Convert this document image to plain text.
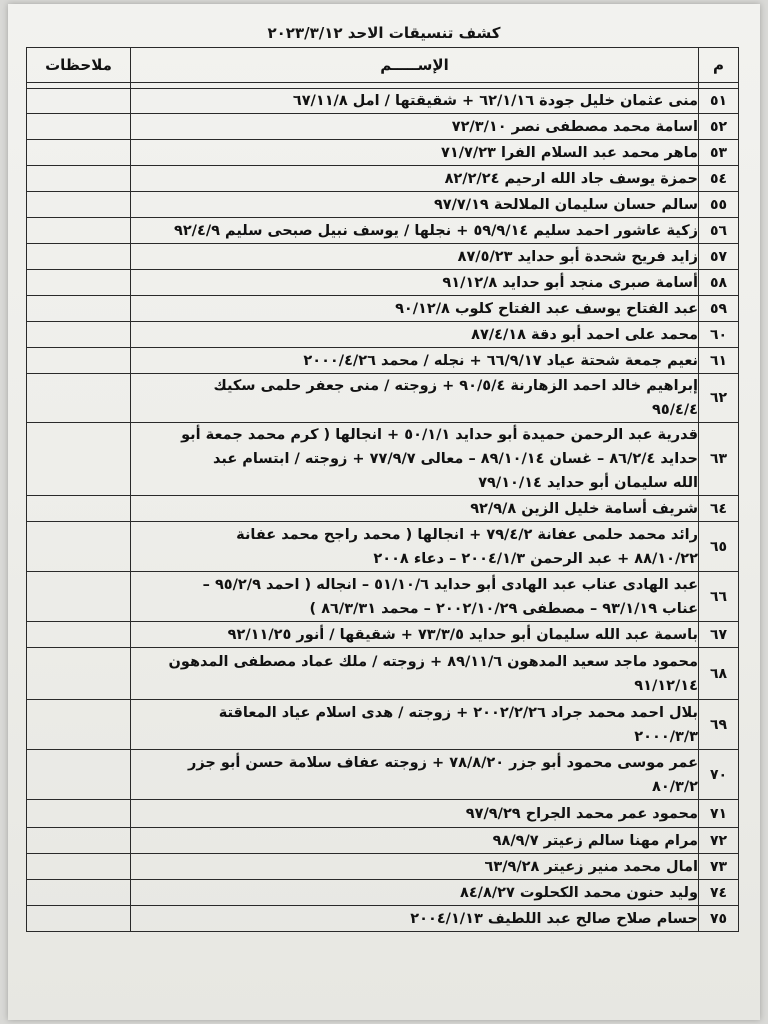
كشف تنسيقات الاحد ٢٠٢٣/٣/١٢
م	الإســـــم	ملاحظات

٥١	منى عثمان خليل جودة ٦٢/١/١٦ + شقيقتها / امل ٦٧/١١/٨	
٥٢	اسامة محمد مصطفى نصر ٧٢/٣/١٠	
٥٣	ماهر محمد عبد السلام الفرا ٧١/٧/٢٣	
٥٤	حمزة يوسف جاد الله ارحيم ٨٢/٢/٢٤	
٥٥	سالم حسان سليمان الملالحة ٩٧/٧/١٩	
٥٦	زكية عاشور احمد سليم ٥٩/٩/١٤ + نجلها / يوسف نبيل صبحى سليم ٩٢/٤/٩	
٥٧	زايد فريح شحدة أبو حدايد ٨٧/٥/٢٣	
٥٨	أسامة صبرى منجد أبو حدايد ٩١/١٢/٨	
٥٩	عبد الفتاح يوسف عبد الفتاح كلوب ٩٠/١٢/٨	
٦٠	محمد على احمد أبو دقة ٨٧/٤/١٨	
٦١	نعيم جمعة شحتة عياد ٦٦/٩/١٧ + نجله / محمد ٢٠٠٠/٤/٢٦	
٦٢	إبراهيم خالد احمد الزهارنة ٩٠/٥/٤ + زوجته / منى جعفر حلمى سكيك
٩٥/٤/٤	
٦٣	قدرية عبد الرحمن حميدة أبو حدايد ٥٠/١/١ + انجالها ( كرم محمد جمعة أبو
حدايد ٨٦/٢/٤ – غسان ٨٩/١٠/١٤ – معالى ٧٧/٩/٧ + زوجته / ابتسام عبد
الله سليمان أبو حدايد ٧٩/١٠/١٤	
٦٤	شريف أسامة خليل الزين ٩٢/٩/٨	
٦٥	رائد محمد حلمى عفانة ٧٩/٤/٢ + انجالها ( محمد راجح محمد عفانة
٨٨/١٠/٢٢ + عبد الرحمن ٢٠٠٤/١/٣ – دعاء ٢٠٠٨	
٦٦	عبد الهادى عناب عبد الهادى أبو حدايد ٥١/١٠/٦ – انجاله ( احمد ٩٥/٢/٩ –
عناب ٩٣/١/١٩ – مصطفى ٢٠٠٢/١٠/٢٩ – محمد ٨٦/٣/٣١ )	
٦٧	باسمة عبد الله سليمان أبو حدايد ٧٣/٣/٥ + شقيقها / أنور ٩٢/١١/٢٥	
٦٨	محمود ماجد سعيد المدهون ٨٩/١١/٦ + زوجته / ملك عماد مصطفى المدهون
٩١/١٢/١٤	
٦٩	بلال احمد محمد جراد ٢٠٠٢/٢/٢٦ + زوجته / هدى اسلام عياد المعاقتة
٢٠٠٠/٣/٣	
٧٠	عمر موسى محمود أبو جزر ٧٨/٨/٢٠ + زوجته عفاف سلامة حسن أبو جزر
٨٠/٣/٢	
٧١	محمود عمر محمد الجراح ٩٧/٩/٢٩	
٧٢	مرام مهنا سالم زعيتر ٩٨/٩/٧	
٧٣	امال محمد منير زعيتر ٦٣/٩/٢٨	
٧٤	وليد حنون محمد الكحلوت ٨٤/٨/٢٧	
٧٥	حسام صلاح صالح عبد اللطيف ٢٠٠٤/١/١٣	
